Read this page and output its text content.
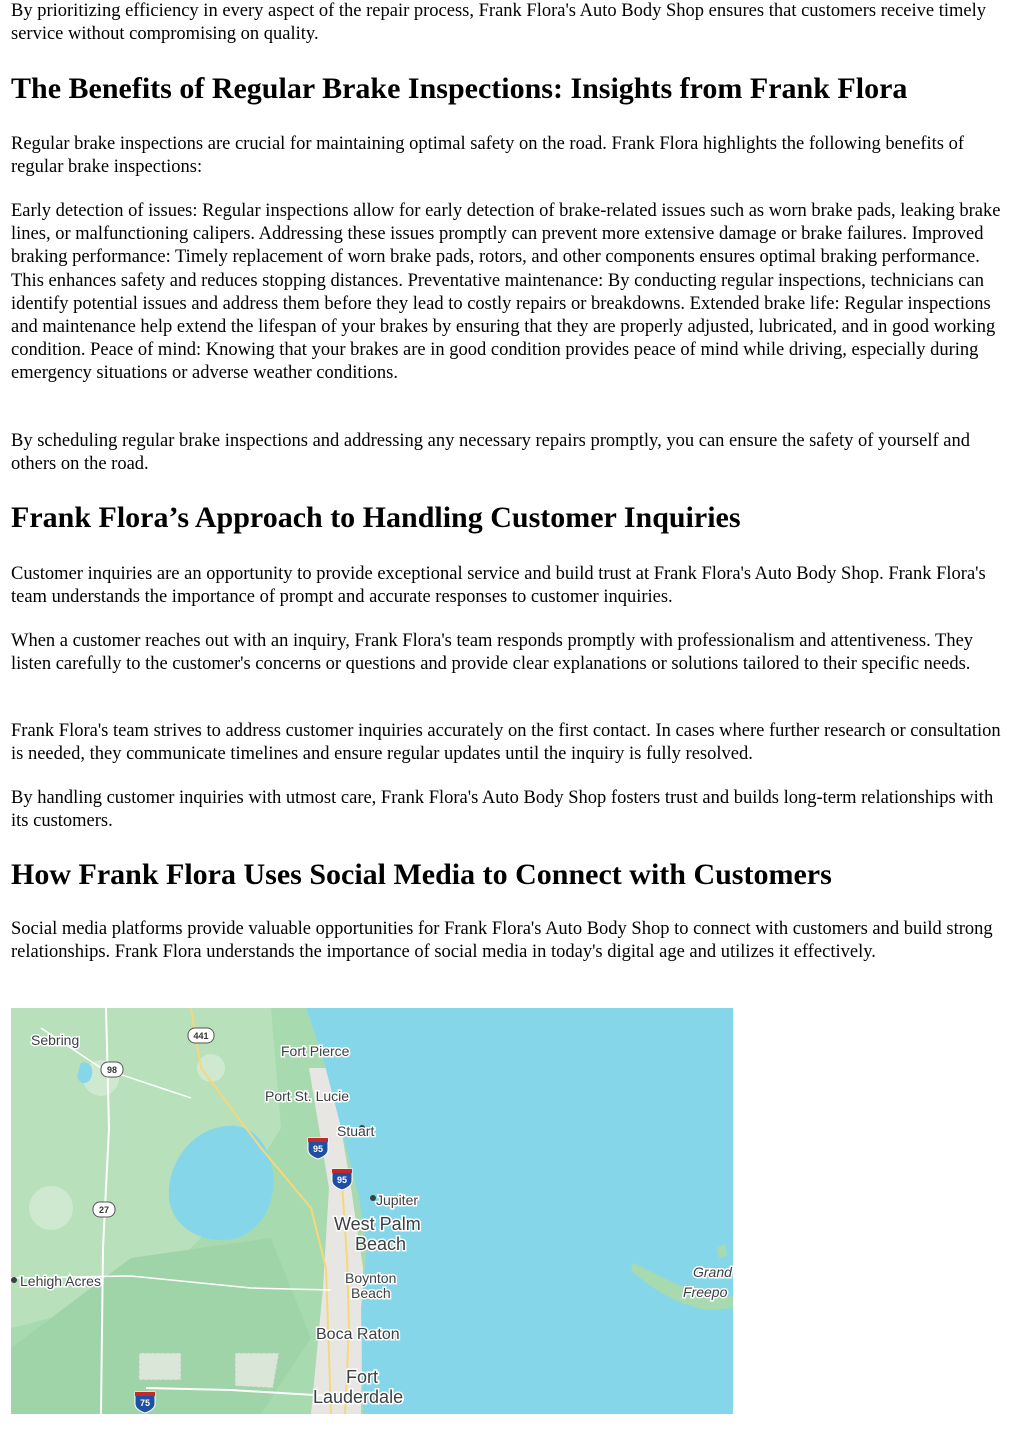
By prioritizing efficiency in every aspect of the repair process, Frank Flora's Auto Body Shop ensures that customers receive timely service without compromising on quality.

The Benefits of Regular Brake Inspections: Insights from Frank Flora

Regular brake inspections are crucial for maintaining optimal safety on the road. Frank Flora highlights the following benefits of regular brake inspections:

Early detection of issues: Regular inspections allow for early detection of brake-related issues such as worn brake pads, leaking brake lines, or malfunctioning calipers. Addressing these issues promptly can prevent more extensive damage or brake failures. Improved braking performance: Timely replacement of worn brake pads, rotors, and other components ensures optimal braking performance. This enhances safety and reduces stopping distances. Preventative maintenance: By conducting regular inspections, technicians can identify potential issues and address them before they lead to costly repairs or breakdowns. Extended brake life: Regular inspections and maintenance help extend the lifespan of your brakes by ensuring that they are properly adjusted, lubricated, and in good working condition. Peace of mind: Knowing that your brakes are in good condition provides peace of mind while driving, especially during emergency situations or adverse weather conditions.

By scheduling regular brake inspections and addressing any necessary repairs promptly, you can ensure the safety of yourself and others on the road.

Frank Flora’s Approach to Handling Customer Inquiries

Customer inquiries are an opportunity to provide exceptional service and build trust at Frank Flora's Auto Body Shop. Frank Flora's team understands the importance of prompt and accurate responses to customer inquiries.

When a customer reaches out with an inquiry, Frank Flora's team responds promptly with professionalism and attentiveness. They listen carefully to the customer's concerns or questions and provide clear explanations or solutions tailored to their specific needs.

Frank Flora's team strives to address customer inquiries accurately on the first contact. In cases where further research or consultation is needed, they communicate timelines and ensure regular updates until the inquiry is fully resolved.

By handling customer inquiries with utmost care, Frank Flora's Auto Body Shop fosters trust and builds long-term relationships with its customers.

How Frank Flora Uses Social Media to Connect with Customers

Social media platforms provide valuable opportunities for Frank Flora's Auto Body Shop to connect with customers and build strong relationships. Frank Flora understands the importance of social media in today's digital age and utilizes it effectively.

Sebring
Fort Pierce
Port St. Lucie
Stuart
Jupiter
West Palm
Beach
Lehigh Acres	Boynton
Beach
Grand
Freepo
Boca Raton
Fort
Lauderdale
441
98
95
95
27
75
